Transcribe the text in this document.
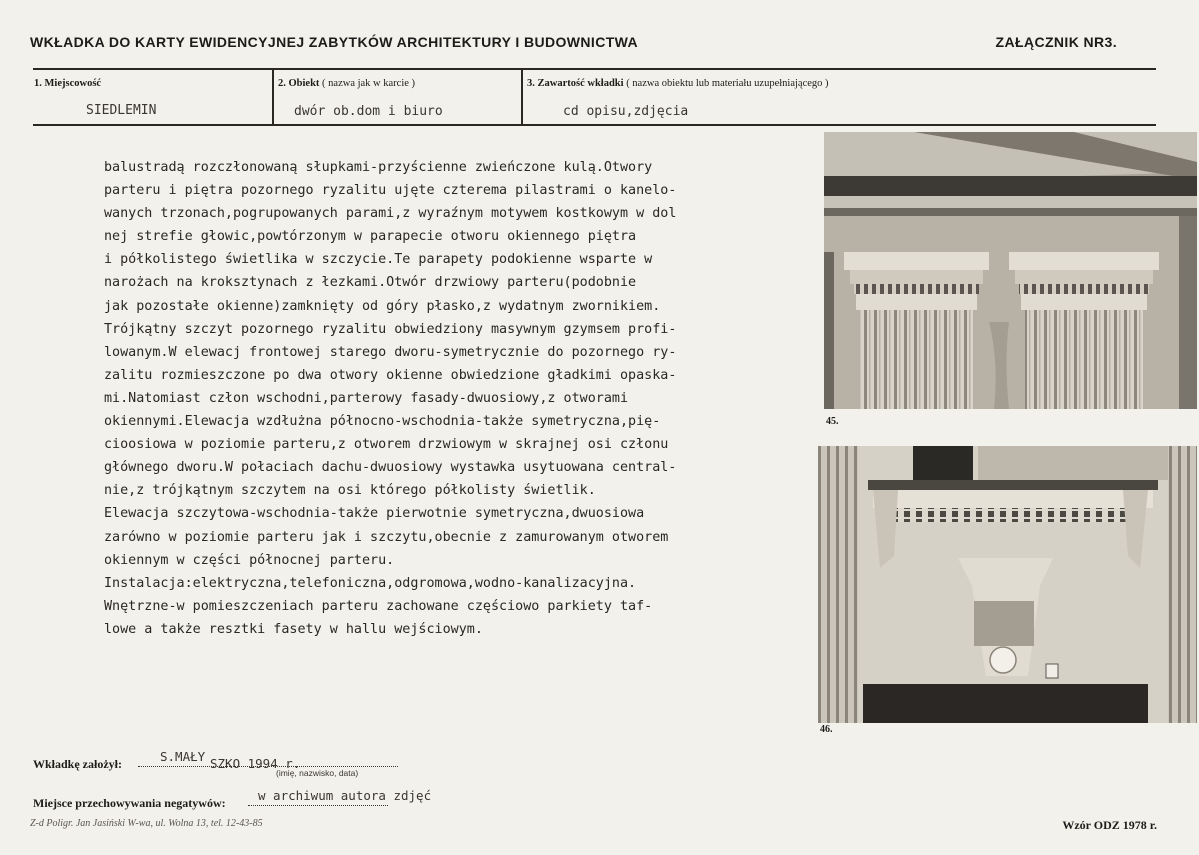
WKŁADKA DO KARTY EWIDENCYJNEJ ZABYTKÓW ARCHITEKTURY I BUDOWNICTWA	ZAŁĄCZNIK NR3.
1. Miejscowość
SIEDLEMIN
2. Obiekt ( nazwa jak w karcie )
dwór ob.dom i biuro
3. Zawartość wkładki ( nazwa obiektu lub materiału uzupełniającego )
cd opisu,zdjęcia
balustradą rozczłonowaną słupkami-przyścienne zwieńczone kulą.Otwory
parteru i piętra pozornego ryzalitu ujęte czterema pilastrami o kanelo-
wanych trzonach,pogrupowanych parami,z wyraźnym motywem kostkowym w dol
nej strefie głowic,powtórzonym w parapecie otworu okiennego piętra
i półkolistego świetlika w szczycie.Te parapety podokienne wsparte w
narożach na kroksztynach z łezkami.Otwór drzwiowy parteru(podobnie
jak pozostałe okienne)zamknięty od góry płasko,z wydatnym zwornikiem.
Trójkątny szczyt pozornego ryzalitu obwiedziony masywnym gzymsem profi-
lowanym.W elewacj frontowej starego dworu-symetrycznie do pozornego ry-
zalitu rozmieszczone po dwa otwory okienne obwiedzione gładkimi opaska-
mi.Natomiast człon wschodni,parterowy fasady-dwuosiowy,z otworami
okiennymi.Elewacja wzdłużna północno-wschodnia-także symetryczna,pię-
cioosiowa w poziomie parteru,z otworem drzwiowym w skrajnej osi członu
głównego dworu.W połaciach dachu-dwuosiowy wystawka usytuowana central-
nie,z trójkątnym szczytem na osi którego półkolisty świetlik.
Elewacja szczytowa-wschodnia-także pierwotnie symetryczna,dwuosiowa
zarówno w poziomie parteru jak i szczytu,obecnie z zamurowanym otworem
okiennym w części północnej parteru.
Instalacja:elektryczna,telefoniczna,odgromowa,wodno-kanalizacyjna.
Wnętrzne-w pomieszczeniach parteru zachowane częściowo parkiety taf-
lowe a także resztki fasety w hallu wejściowym.
45.
46.
Wkładkę założył:	S.MAŁY SZKO 1994 r.
(imię, nazwisko, data)
Miejsce przechowywania negatywów:	w archiwum autora zdjęć
Z-d Poligr. Jan Jasiński W-wa, ul. Wolna 13, tel. 12-43-85	Wzór ODZ 1978 r.
